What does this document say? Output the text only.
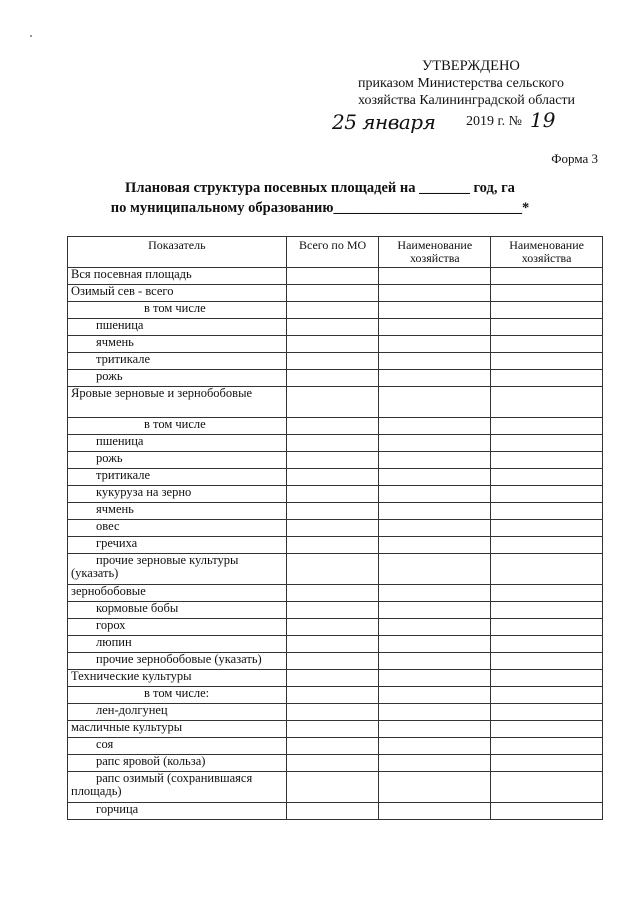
УТВЕРЖДЕНО
приказом Министерства сельского
хозяйства Калининградской области
25 января 2019 г. № 19
Форма 3
Плановая структура посевных площадей на _______ год, га
по муниципальному образованию__________________________*
Показатель	Всего по МО	Наименование хозяйства	Наименование хозяйства
Вся посевная площадь			
Озимый сев - всего			
в том числе			
пшеница			
ячмень			
тритикале			
рожь			
Яровые зерновые и зернобобовые			
в том числе			
пшеница			
рожь			
тритикале			
кукуруза на зерно			
ячмень			
овес			
гречиха			
прочие зерновые культуры (указать)			
зернобобовые			
кормовые бобы			
горох			
люпин			
прочие зернобобовые (указать)			
Технические культуры			
в том числе:			
лен-долгунец			
масличные культуры			
соя			
рапс яровой (кольза)			
рапс озимый (сохранившаяся площадь)			
горчица			
